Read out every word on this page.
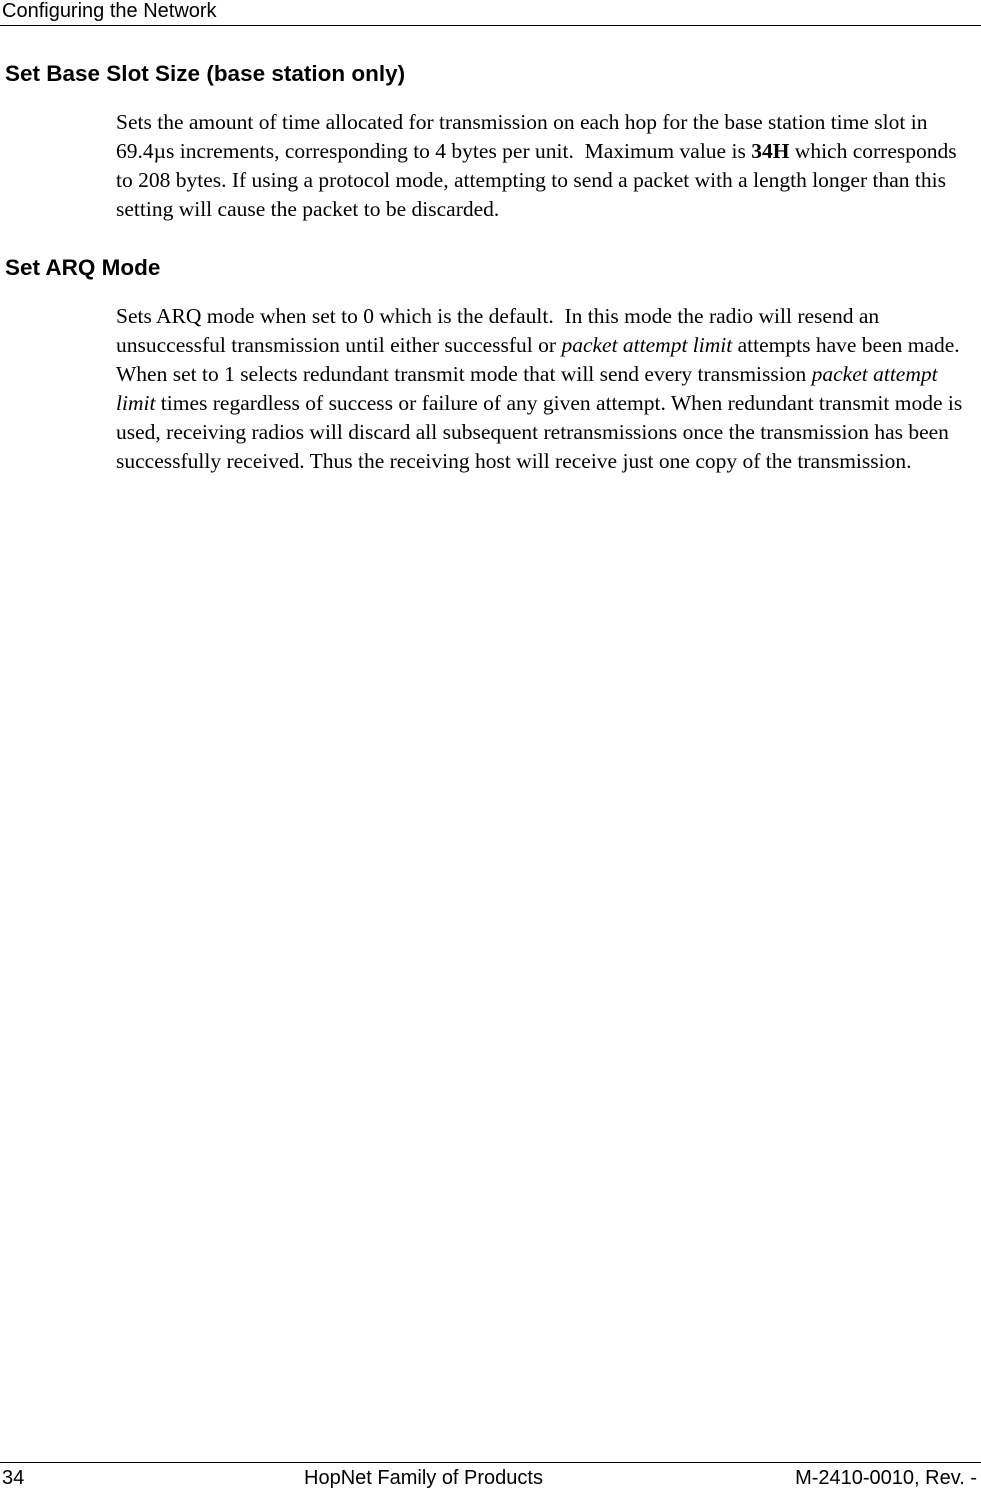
Configuring the Network
Set Base Slot Size (base station only)

Sets the amount of time allocated for transmission on each hop for the base station time slot in 69.4µs increments, corresponding to 4 bytes per unit.  Maximum value is 34H which corresponds to 208 bytes. If using a protocol mode, attempting to send a packet with a length longer than this setting will cause the packet to be discarded.

Set ARQ Mode

Sets ARQ mode when set to 0 which is the default.  In this mode the radio will resend an unsuccessful transmission until either successful or packet attempt limit attempts have been made.  When set to 1 selects redundant transmit mode that will send every transmission packet attempt limit times regardless of success or failure of any given attempt. When redundant transmit mode is used, receiving radios will discard all subsequent retransmissions once the transmission has been successfully received. Thus the receiving host will receive just one copy of the transmission.

34	HopNet Family of Products	M-2410-0010, Rev. -
